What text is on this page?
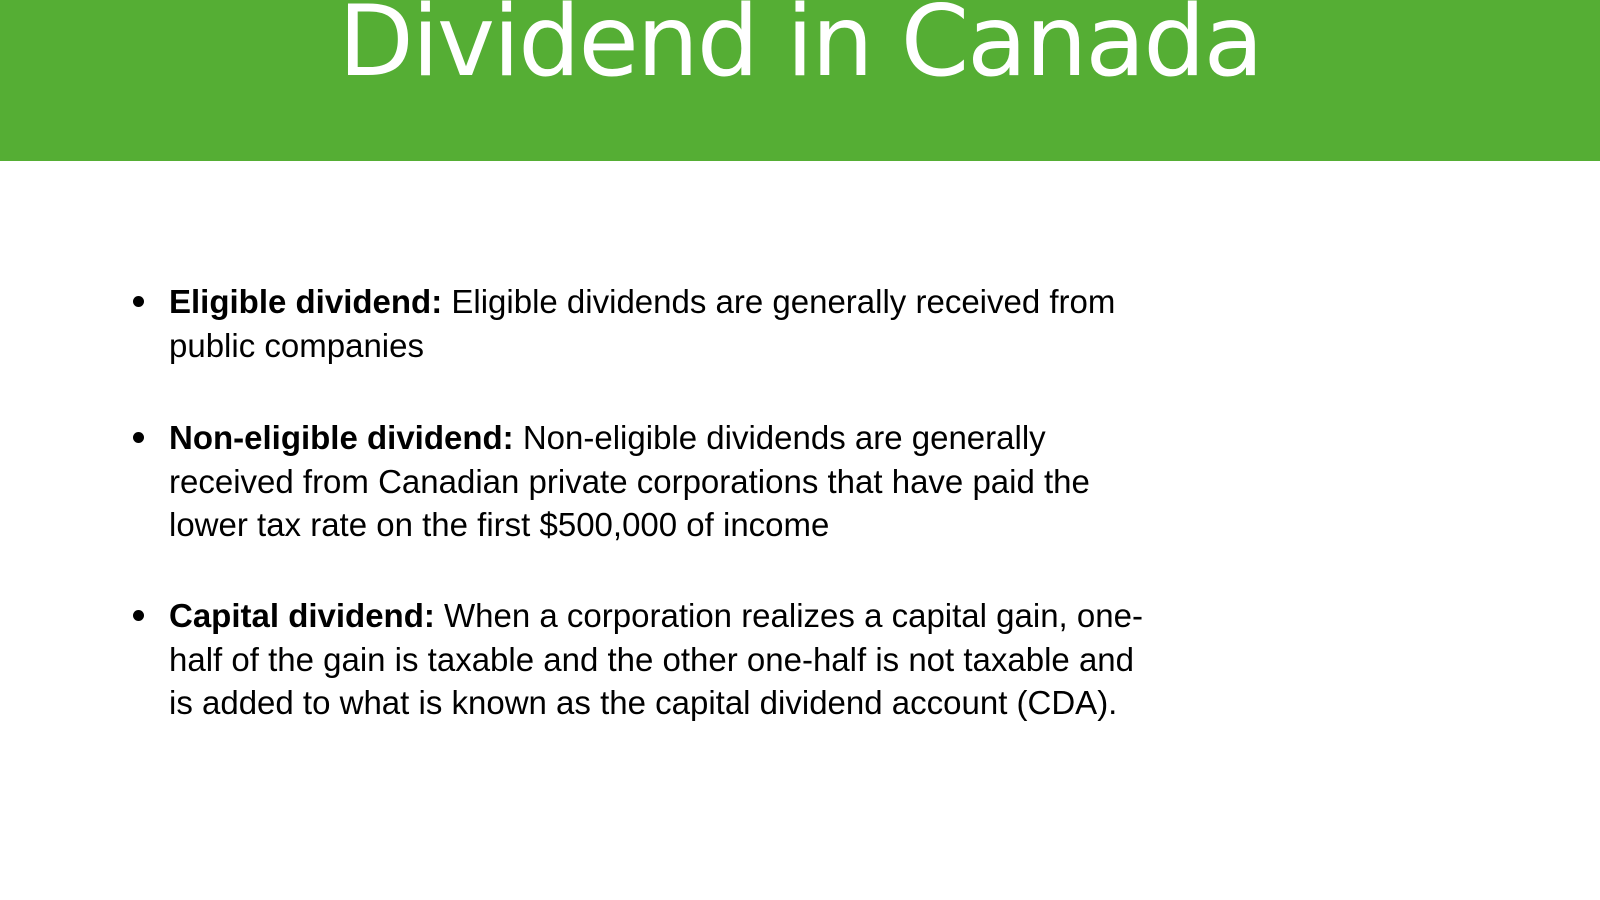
Dividend in Canada

Eligible dividend: Eligible dividends are generally received from public companies

Non-eligible dividend: Non-eligible dividends are generally received from Canadian private corporations that have paid the lower tax rate on the first $500,000 of income

Capital dividend: When a corporation realizes a capital gain, one-half of the gain is taxable and the other one-half is not taxable and is added to what is known as the capital dividend account (CDA).
